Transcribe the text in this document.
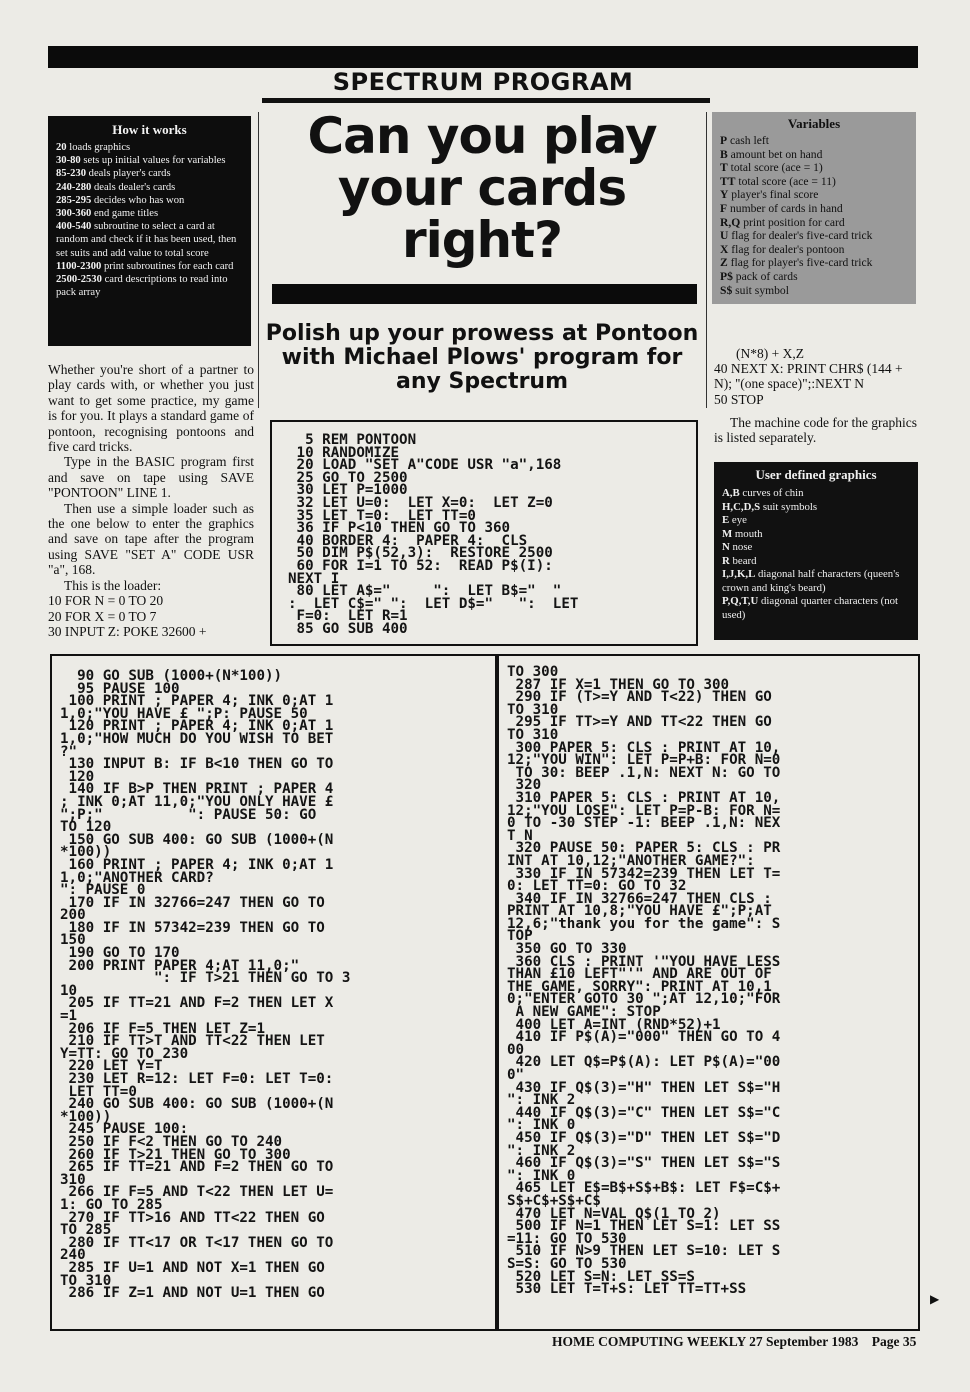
SPECTRUM PROGRAM
How it works
20 loads graphics
30-80 sets up initial values for variables
85-230 deals player's cards
240-280 deals dealer's cards
285-295 decides who has won
300-360 end game titles
400-540 subroutine to select a card at random and check if it has been used, then set suits and add value to total score
1100-2300 print subroutines for each card
2500-2530 card descriptions to read into pack array
Can you play your cards right?
Polish up your prowess at Pontoon with Michael Plows' program for any Spectrum
Variables
P cash left
B amount bet on hand
T total score (ace = 1)
TT total score (ace = 11)
Y player's final score
F number of cards in hand
R,Q print position for card
U flag for dealer's five-card trick
X flag for dealer's pontoon
Z flag for player's five-card trick
P$ pack of cards
S$ suit symbol

Whether you're short of a partner to play cards with, or whether you just want to get some practice, my game is for you. It plays a standard game of pontoon, recognising pontoons and five card tricks.

Type in the BASIC program first and save on tape using SAVE "PONTOON" LINE 1.

Then use a simple loader such as the one below to enter the graphics and save on tape after the program using SAVE "SET A" CODE USR "a", 168.

This is the loader:

10 FOR N = 0 TO 20

20 FOR X = 0 TO 7

30 INPUT Z: POKE 32600 +

(N*8) + X,Z

40 NEXT X: PRINT CHR$ (144 + N); ''(one space)";:NEXT N

50 STOP

The machine code for the graphics is listed separately.

User defined graphics
A,B curves of chin
H,C,D,S suit symbols
E eye
M mouth
N nose
R beard
I,J,K,L diagonal half characters (queen's crown and king's beard)
P,Q,T,U diagonal quarter characters (not used)
5 REM PONTOON
10 RANDOMIZE
20 LOAD "SET A"CODE USR "a",168
25 GO TO 2500
30 LET P=1000
32 LET U=0:  LET X=0:  LET Z=0
35 LET T=0:  LET TT=0
36 IF P<10 THEN GO TO 360
40 BORDER 4:  PAPER 4:  CLS
50 DIM P$(52,3):  RESTORE 2500
60 FOR I=1 TO 52:  READ P$(I):
NEXT I
80 LET A$="     ":  LET B$="  "
:  LET C$=" ":  LET D$="   ":  LET
F=0:  LET R=1
85 GO SUB 400
90 GO SUB (1000+(N*100))
95 PAUSE 100
100 PRINT ; PAPER 4; INK 0;AT 1
1,0;"YOU HAVE £ ";P: PAUSE 50
120 PRINT ; PAPER 4; INK 0;AT 1
1,0;"HOW MUCH DO YOU WISH TO BET
?"
130 INPUT B: IF B<10 THEN GO TO
120
140 IF B>P THEN PRINT ; PAPER 4
; INK 0;AT 11,0;"YOU ONLY HAVE £
";P;"          ": PAUSE 50: GO
TO 120
150 GO SUB 400: GO SUB (1000+(N
*100))
160 PRINT ; PAPER 4; INK 0;AT 1
1,0;"ANOTHER CARD?
": PAUSE 0
170 IF IN 32766=247 THEN GO TO
200
180 IF IN 57342=239 THEN GO TO
150
190 GO TO 170
200 PRINT PAPER 4;AT 11,0;"
": IF T>21 THEN GO TO 3
10
205 IF TT=21 AND F=2 THEN LET X
=1
206 IF F=5 THEN LET Z=1
210 IF TT>T AND TT<22 THEN LET
Y=TT: GO TO 230
220 LET Y=T
230 LET R=12: LET F=0: LET T=0:
LET TT=0
240 GO SUB 400: GO SUB (1000+(N
*100))
245 PAUSE 100:
250 IF F<2 THEN GO TO 240
260 IF T>21 THEN GO TO 300
265 IF TT=21 AND F=2 THEN GO TO
310
266 IF F=5 AND T<22 THEN LET U=
1: GO TO 285
270 IF TT>16 AND TT<22 THEN GO
TO 285
280 IF TT<17 OR T<17 THEN GO TO
240
285 IF U=1 AND NOT X=1 THEN GO
TO 310
286 IF Z=1 AND NOT U=1 THEN GO
TO 300
287 IF X=1 THEN GO TO 300
290 IF (T>=Y AND T<22) THEN GO
TO 310
295 IF TT>=Y AND TT<22 THEN GO
TO 310
300 PAPER 5: CLS : PRINT AT 10,
12;"YOU WIN": LET P=P+B: FOR N=0
TO 30: BEEP .1,N: NEXT N: GO TO
320
310 PAPER 5: CLS : PRINT AT 10,
12;"YOU LOSE": LET P=P-B: FOR N=
0 TO -30 STEP -1: BEEP .1,N: NEX
T N
320 PAUSE 50: PAPER 5: CLS : PR
INT AT 10,12;"ANOTHER GAME?":
330 IF IN 57342=239 THEN LET T=
0: LET TT=0: GO TO 32
340 IF IN 32766=247 THEN CLS :
PRINT AT 10,8;"YOU HAVE £";P;AT
12,6;"thank you for the game": S
TOP
350 GO TO 330
360 CLS : PRINT '"YOU HAVE LESS
THAN £10 LEFT"'" AND ARE OUT OF
THE GAME, SORRY": PRINT AT 10,1
0;"ENTER GOTO 30 ";AT 12,10;"FOR
A NEW GAME": STOP
400 LET A=INT (RND*52)+1
410 IF P$(A)="000" THEN GO TO 4
00
420 LET Q$=P$(A): LET P$(A)="00
0"
430 IF Q$(3)="H" THEN LET S$="H
": INK 2
440 IF Q$(3)="C" THEN LET S$="C
": INK 0
450 IF Q$(3)="D" THEN LET S$="D
": INK 2
460 IF Q$(3)="S" THEN LET S$="S
": INK 0
465 LET E$=B$+S$+B$: LET F$=C$+
S$+C$+S$+C$
470 LET N=VAL Q$(1 TO 2)
500 IF N=1 THEN LET S=1: LET SS
=11: GO TO 530
510 IF N>9 THEN LET S=10: LET S
S=S: GO TO 530
520 LET S=N: LET SS=S
530 LET T=T+S: LET TT=TT+SS
▶
HOME COMPUTING WEEKLY 27 September 1983 Page 35
